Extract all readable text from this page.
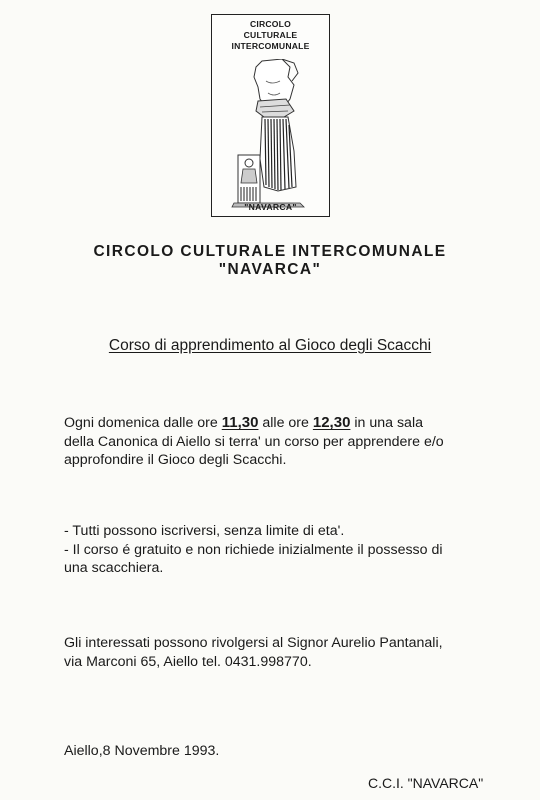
CIRCOLO
CULTURALE
INTERCOMUNALE
"NAVARCA"
CIRCOLO CULTURALE INTERCOMUNALE
"NAVARCA"
Corso di apprendimento al Gioco degli Scacchi
Ogni domenica dalle ore 11,30 alle ore 12,30 in una sala
della Canonica di Aiello si terra' un corso per apprendere e/o
approfondire il Gioco degli Scacchi.
- Tutti possono iscriversi, senza limite di eta'.
- Il corso é gratuito e non richiede inizialmente il possesso di
una scacchiera.
Gli interessati possono rivolgersi al Signor Aurelio Pantanali,
via Marconi 65, Aiello tel. 0431.998770.
Aiello,8 Novembre 1993.
C.C.I. "NAVARCA"
